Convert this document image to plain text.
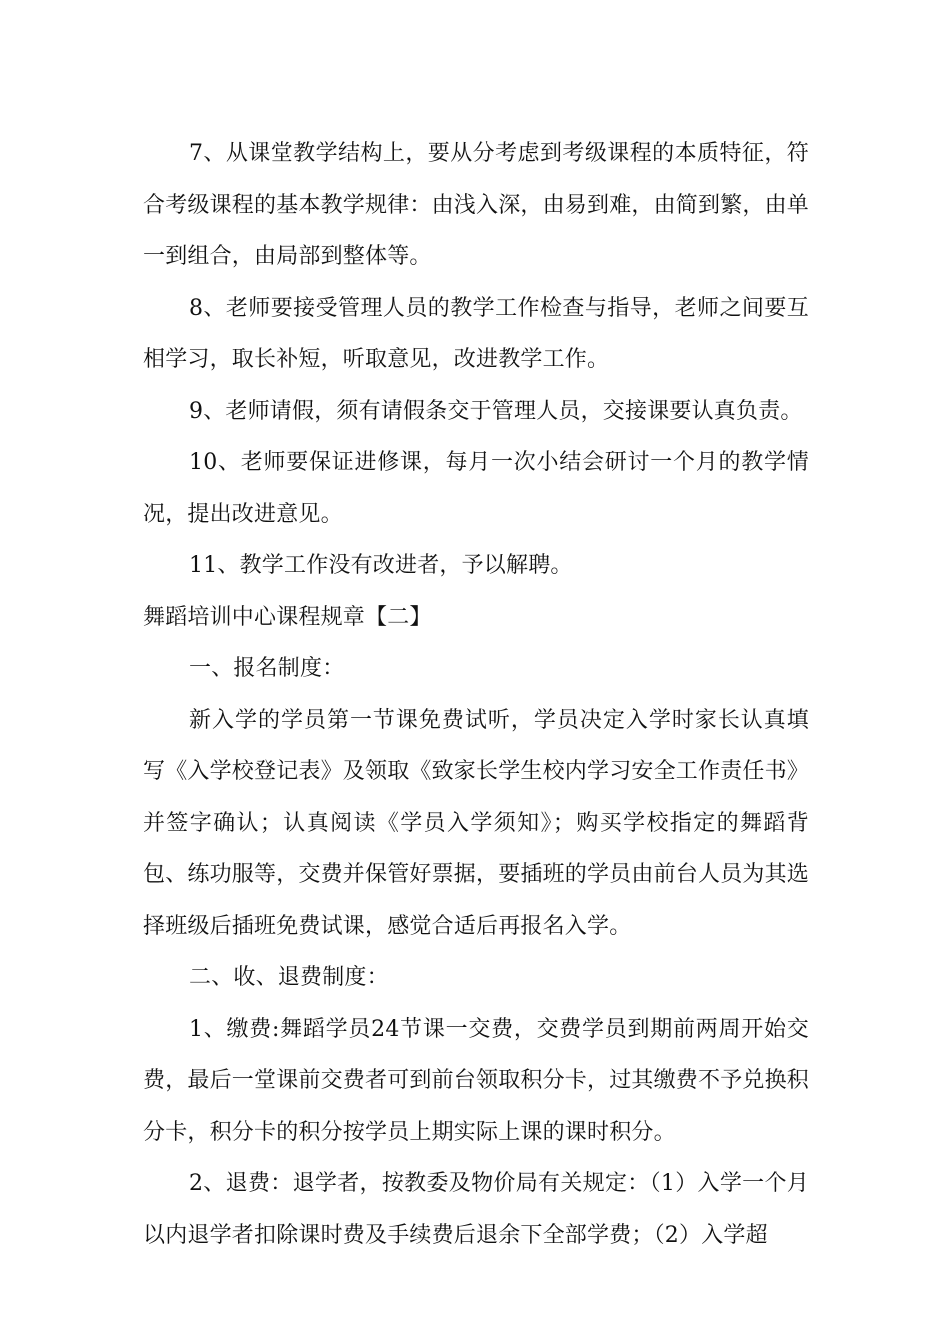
7、从课堂教学结构上，要从分考虑到考级课程的本质特征，符合考级课程的基本教学规律：由浅入深，由易到难，由简到繁，由单一到组合，由局部到整体等。

8、老师要接受管理人员的教学工作检查与指导，老师之间要互相学习，取长补短，听取意见，改进教学工作。

9、老师请假，须有请假条交于管理人员，交接课要认真负责。

10、老师要保证进修课，每月一次小结会研讨一个月的教学情况，提出改进意见。

11、教学工作没有改进者，予以解聘。

舞蹈培训中心课程规章【二】

一、报名制度：

新入学的学员第一节课免费试听，学员决定入学时家长认真填写《入学校登记表》及领取《致家长学生校内学习安全工作责任书》并签字确认；认真阅读《学员入学须知》；购买学校指定的舞蹈背包、练功服等，交费并保管好票据，要插班的学员由前台人员为其选择班级后插班免费试课，感觉合适后再报名入学。

二、收、退费制度：

1、缴费:舞蹈学员24节课一交费，交费学员到期前两周开始交费，最后一堂课前交费者可到前台领取积分卡，过其缴费不予兑换积分卡，积分卡的积分按学员上期实际上课的课时积分。

2、退费：退学者，按教委及物价局有关规定：（1）入学一个月以内退学者扣除课时费及手续费后退余下全部学费；（2）入学超
